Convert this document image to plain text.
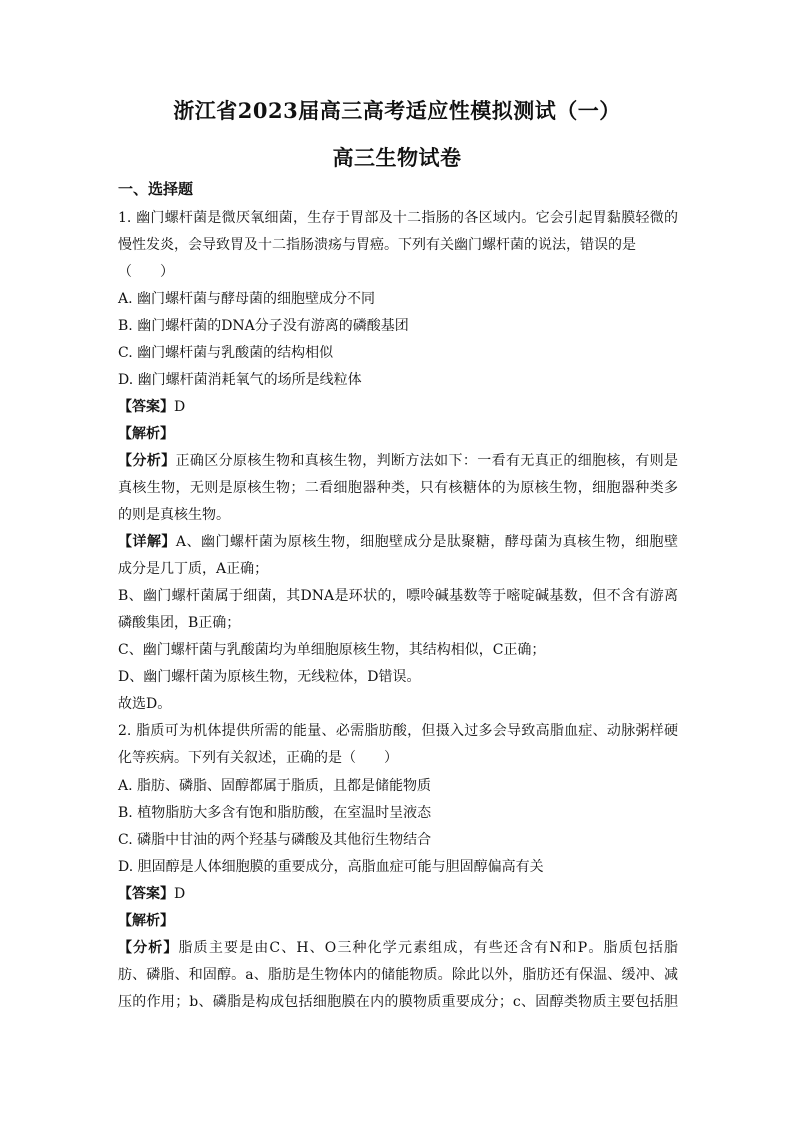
浙江省2023届高三高考适应性模拟测试（一）
高三生物试卷
一、选择题
1. 幽门螺杆菌是微厌氧细菌，生存于胃部及十二指肠的各区域内。它会引起胃黏膜轻微的
慢性发炎，会导致胃及十二指肠溃疡与胃癌。下列有关幽门螺杆菌的说法，错误的是
（　　）
A. 幽门螺杆菌与酵母菌的细胞壁成分不同
B. 幽门螺杆菌的DNA分子没有游离的磷酸基团
C. 幽门螺杆菌与乳酸菌的结构相似
D. 幽门螺杆菌消耗氧气的场所是线粒体
【答案】D
【解析】
【分析】正确区分原核生物和真核生物，判断方法如下：一看有无真正的细胞核，有则是
真核生物，无则是原核生物；二看细胞器种类，只有核糖体的为原核生物，细胞器种类多
的则是真核生物。
【详解】A、幽门螺杆菌为原核生物，细胞壁成分是肽聚糖，酵母菌为真核生物，细胞壁
成分是几丁质，A正确；
B、幽门螺杆菌属于细菌，其DNA是环状的，嘌呤碱基数等于嘧啶碱基数，但不含有游离
磷酸集团，B正确；
C、幽门螺杆菌与乳酸菌均为单细胞原核生物，其结构相似，C正确；
D、幽门螺杆菌为原核生物，无线粒体，D错误。
故选D。
2. 脂质可为机体提供所需的能量、必需脂肪酸，但摄入过多会导致高脂血症、动脉粥样硬
化等疾病。下列有关叙述，正确的是（　　）
A. 脂肪、磷脂、固醇都属于脂质，且都是储能物质
B. 植物脂肪大多含有饱和脂肪酸，在室温时呈液态
C. 磷脂中甘油的两个羟基与磷酸及其他衍生物结合
D. 胆固醇是人体细胞膜的重要成分，高脂血症可能与胆固醇偏高有关
【答案】D
【解析】
【分析】脂质主要是由C、H、O三种化学元素组成，有些还含有N和P。脂质包括脂
肪、磷脂、和固醇。a、脂肪是生物体内的储能物质。除此以外，脂肪还有保温、缓冲、减
压的作用；b、磷脂是构成包括细胞膜在内的膜物质重要成分；c、固醇类物质主要包括胆
